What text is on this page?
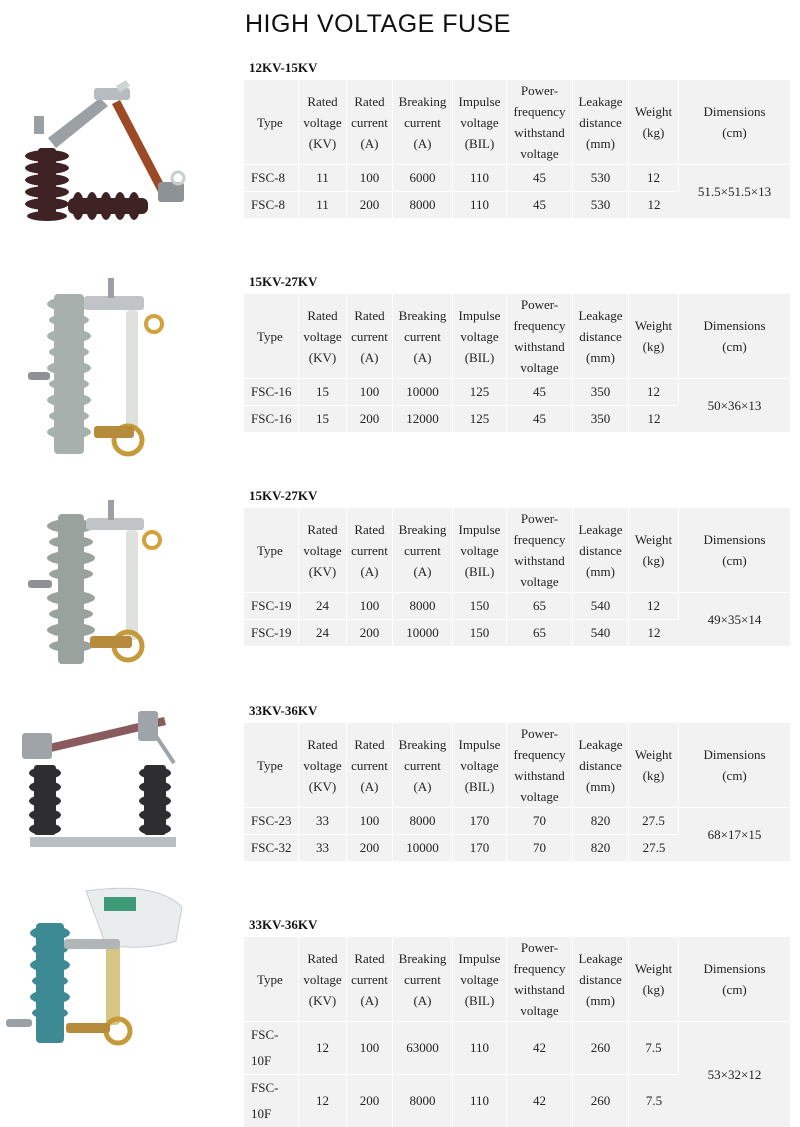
HIGH VOLTAGE FUSE
12KV-15KV
Type	Rated
voltage
(KV)	Rated
current
(A)	Breaking
current
(A)	Impulse
voltage
(BIL)	Power-
frequency
withstand
voltage	Leakage
distance
(mm)	Weight
(kg)	Dimensions
(cm)
FSC-8	11	100	6000	110	45	530	12	51.5×51.5×13
FSC-8	11	200	8000	110	45	530	12	
15KV-27KV
Type	Rated
voltage
(KV)	Rated
current
(A)	Breaking
current
(A)	Impulse
voltage
(BIL)	Power-
frequency
withstand
voltage	Leakage
distance
(mm)	Weight
(kg)	Dimensions
(cm)
FSC-16	15	100	10000	125	45	350	12	50×36×13
FSC-16	15	200	12000	125	45	350	12	
15KV-27KV
Type	Rated
voltage
(KV)	Rated
current
(A)	Breaking
current
(A)	Impulse
voltage
(BIL)	Power-
frequency
withstand
voltage	Leakage
distance
(mm)	Weight
(kg)	Dimensions
(cm)
FSC-19	24	100	8000	150	65	540	12	49×35×14
FSC-19	24	200	10000	150	65	540	12	
33KV-36KV
Type	Rated
voltage
(KV)	Rated
current
(A)	Breaking
current
(A)	Impulse
voltage
(BIL)	Power-
frequency
withstand
voltage	Leakage
distance
(mm)	Weight
(kg)	Dimensions
(cm)
FSC-23	33	100	8000	170	70	820	27.5	68×17×15
FSC-32	33	200	10000	170	70	820	27.5	
33KV-36KV
Type	Rated
voltage
(KV)	Rated
current
(A)	Breaking
current
(A)	Impulse
voltage
(BIL)	Power-
frequency
withstand
voltage	Leakage
distance
(mm)	Weight
(kg)	Dimensions
(cm)
FSC-10F	12	100	63000	110	42	260	7.5	53×32×12
FSC-10F	12	200	8000	110	42	260	7.5	
